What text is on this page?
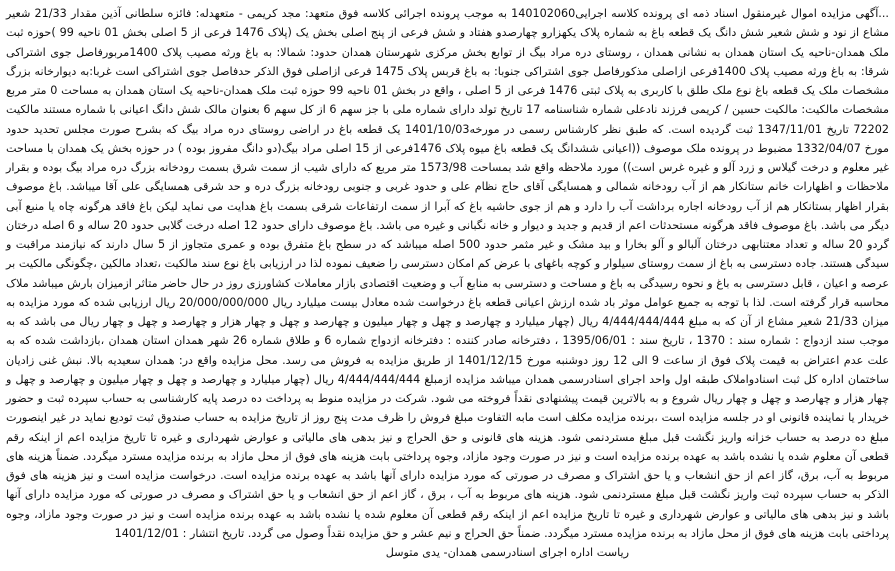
...آگهی مزایده اموال غیرمنقول اسناد ذمه ای پرونده کلاسه اجرایی140102060 به موجب پرونده اجرائی کلاسه فوق متعهد: مجد کریمی - متعهدله: فائزه سلطانی آذین مقدار 21/33 شعیر مشاع از نود و شش شعیر شش دانگ یک قطعه باغ به شماره پلاک یکهزارو چهارصدو هفتاد و شش فرعی از پنج اصلی بخش یک (پلاک 1476 فرعی از 5 اصلی بخش 01 ناحیه 99 )حوزه ثبت ملک همدان-ناحیه یک استان همدان به نشانی همدان ، روستای دره مراد بیگ از توابع بخش مرکزی شهرستان همدان حدود: شمالا: به باغ ورثه مصیب پلاک 1400مربورفاصل جوی اشتراکی شرقا: به باغ ورثه مصیب پلاک 1400فرعی ازاصلی مذکورفاصل جوی اشتراکی جنوبا: به باغ قربس پلاک 1475 فرعی ازاصلی فوق الذکر حدفاصل جوی اشتراکی است غربا:به دیوارخانه بزرگ مشخصات ملک یک قطعه باغ نوع ملک طلق با کاربری به پلاک ثبتی 1476 فرعی از 5 اصلی ، واقع در بخش 01 ناحیه 99 حوزه ثبت ملک همدان-ناحیه یک استان همدان به مساحت 0 متر مربع مشخصات مالکیت: مالکیت حسین / کریمی فرزند نادعلی شماره شناسنامه 17 تاریخ تولد دارای شماره ملی با جز سهم 6 از کل سهم 6 بعنوان مالک شش دانگ اعیانی با شماره مستند مالکیت 72202 تاریخ 1347/11/01 ثبت گردیده است. که طبق نظر کارشناس رسمی در مورخه1401/10/03 یک قطعه باغ در اراضی روستای دره مراد بیگ که بشرح صورت مجلس تحدید حدود مورخ 1332/04/07 مضبوط در پرونده ملک موصوف ((اعیانی ششدانگ یک قطعه باغ میوه پلاک 1476فرعی از 15 اصلی مراد بیگ(دو دانگ مفروز بوده ) در حوزه بخش یک همدان با مساحت غیر معلوم و درخت گیلاس و زرد آلو و غیره غرس است)) مورد ملاحظه واقع شد بمساحت 1573/98 متر مربع که دارای شیب از سمت شرق بسمت رودخانه بزرگ دره مراد بیگ بوده و بقرار ملاحظات و اظهارات خانم ستانکار هم از آب رودخانه شمالی و همسایگی آقای حاج نظام علی و حدود غربی و جنوبی رودخانه بزرگ دره و حد شرقی همسایگی علی آقا میباشد. باغ موصوف بقرار اظهار بستانکار هم از آب رودخانه اجاره برداشت آب را دارد و هم از جوی حاشیه باغ که آبرا از سمت ارتفاعات شرقی بسمت باغ هدایت می نماید لیکن باغ فاقد هرگونه چاه یا منبع آبی دیگر می باشد. باغ موصوف فاقد هرگونه مستحدثات اعم از قدیم و جدید و دیوار و خانه نگبانی و غیره می باشد. باغ موصوف دارای حدود 12 اصله درخت گلابی حدود 20 ساله و 6 اصله درختان گردو 20 ساله و تعداد معتنابهی درختان آلبالو و آلو بخارا و بید مشک و غیر مثمر حدود 500 اصله میباشد که در سطح باغ متفرق بوده و عمری متجاوز از 5 سال دارند که نیازمند مراقبت و سیدگی هستند. جاده دسترسی به باغ از سمت روستای سیلوار و کوچه باغهای با عرض کم امکان دسترسی را ضعیف نموده لذا در ارزیابی باغ نوع سند مالکیت ،تعداد مالکین ،چگونگی مالکیت بر عرصه و اعیان ، قابل دسترسی به باغ و نحوه رسیدگی به باغ و مساحت و دسترسی به منابع آب و وضعیت اقتصادی بازار معاملات کشاورزی روز در حال حاضر متاثر ازمیزان بارش میباشد ملاک محاسبه قرار گرفته است. لذا با توجه به جمیع عوامل موثر باد شده ارزش اعیانی قطعه باغ درخواست شده معادل بیست میلیارد ریال 20/000/000/000 ریال ارزیابی شده که مورد مزایده به میزان 21/33 شعیر مشاع از آن که به مبلغ 4/444/444/444 ریال (چهار میلیارد و چهارصد و چهل و چهار میلیون و چهارصد و چهل و چهار هزار و چهارصد و چهل و چهار ریال می باشد که به موجب سند ازدواج : شماره سند : 1370 ، تاریخ سند : 1395/06/01 ، دفترخانه صادر کننده : دفترخانه ازدواج شماره 6 و طلاق شماره 26 شهر همدان استان همدان ،بازداشت شده که به علت عدم اعتراض به قیمت پلاک فوق از ساعت 9 الی 12 روز دوشنبه مورخ 1401/12/15 از طریق مزایده به فروش می رسد. محل مزایده واقع در: همدان سعیدیه بالا. نبش غنی زادیان ساختمان اداره کل ثبت اسنادواملاک طبقه اول واحد اجرای اسنادرسمی همدان میباشد مزایده ازمبلغ 4/444/444/444 ریال (چهار میلیارد و چهارصد و چهل و چهار میلیون و چهارصد و چهل و چهار هزار و چهارصد و چهل و چهار ریال شروع و به بالاترین قیمت پیشنهادی نقداً فروخته می شود. شرکت در مزایده منوط به پرداخت ده درصد پایه کارشناسی به حساب سپرده ثبت و حضور خریدار یا نماینده قانونی او در جلسه مزایده است ،برنده مزایده مکلف است مابه التفاوت مبلغ فروش را ظرف مدت پنج روز از تاریخ مزایده به حساب صندوق ثبت تودیع نماید در غیر اینصورت مبلغ ده درصد به حساب خزانه واریز نگشت قبل مبلغ مستردنمی شود. هزینه های قانونی و حق الحراج و نیز بدهی های مالیاتی و عوارض شهرداری و غیره تا تاریخ مزایده اعم از اینکه رقم قطعی آن معلوم شده یا نشده باشد به عهده برنده مزایده است و نیز در صورت وجود مازاد، وجوه پرداختی بابت هزینه های فوق از محل مازاد به برنده مزایده مسترد میگردد. ضمناً هزینه های مربوط به آب، برق، گاز اعم از حق انشعاب و یا حق اشتراک و مصرف در صورتی که مورد مزایده دارای آنها باشد به عهده برنده مزایده است. درخواست مزایده است و نیز هزینه های فوق الذکر به حساب سپرده ثبت واریز نگشت قبل مبلغ مستردنمی شود. هزینه های مربوط به آب ، برق ، گاز اعم از حق انشعاب و یا حق اشتراک و مصرف در صورتی که مورد مزایده دارای آنها باشد و نیز بدهی های مالیاتی و عوارض شهرداری و غیره تا تاریخ مزایده اعم از اینکه رقم قطعی آن معلوم شده یا نشده باشد به عهده برنده مزایده است و نیز در صورت وجود مازاد، وجوه پرداختی بابت هزینه های فوق از محل مازاد به برنده مزایده مسترد میگردد. ضمناً حق الحراج و نیم عشر و حق مزایده نقداً وصول می گردد. تاریخ انتشار : 1401/12/01

ریاست اداره اجرای اسنادرسمی همدان- یدی متوسل
